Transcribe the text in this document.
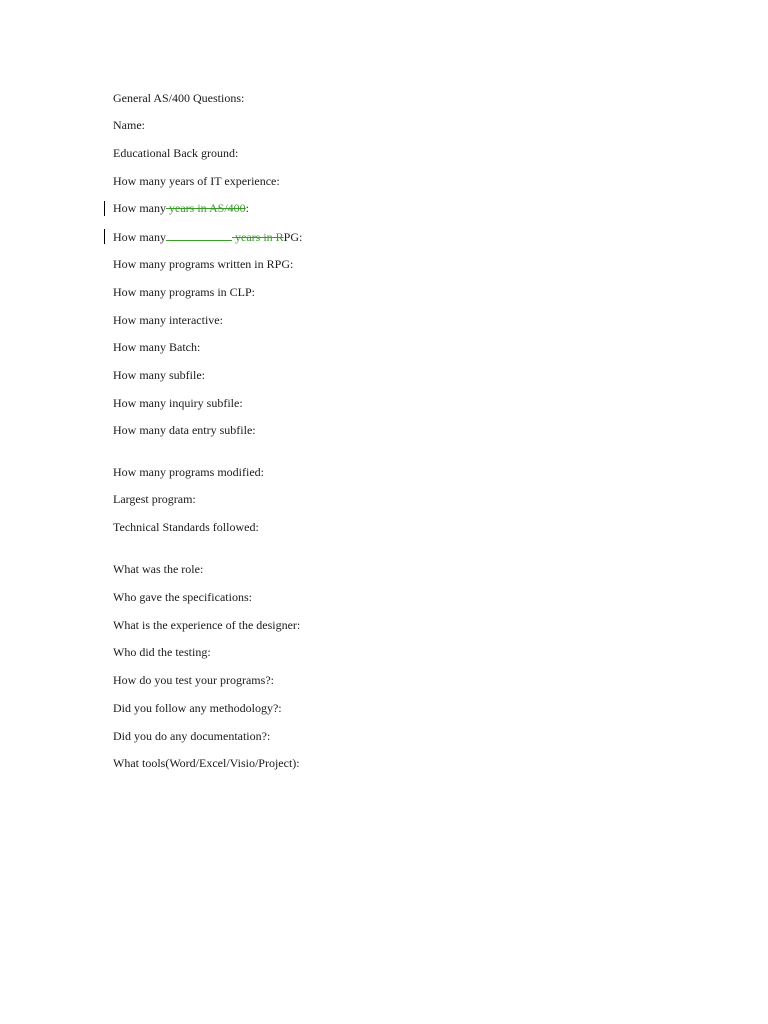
General AS/400 Questions:
Name:
Educational Back ground:
How many years of IT experience:
How many years in AS/400:
How many	years in RPG:
How many programs written in RPG:
How many programs in CLP:
How many interactive:
How many Batch:
How many subfile:
How many inquiry subfile:
How many data entry subfile:
How many programs modified:
Largest program:
Technical Standards followed:
What was the role:
Who gave the specifications:
What is the experience of the designer:
Who did the testing:
How do you test your programs?:
Did you follow any methodology?:
Did you do any documentation?:
What tools(Word/Excel/Visio/Project):
